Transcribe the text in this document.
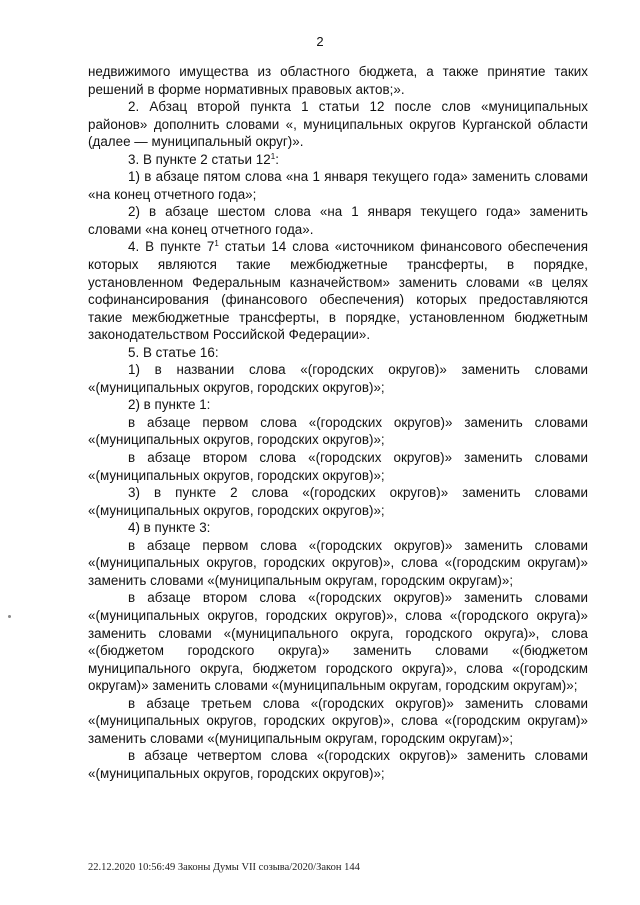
2

недвижимого имущества из областного бюджета, а также принятие таких решений в форме нормативных правовых актов;».

2. Абзац второй пункта 1 статьи 12 после слов «муниципальных районов» дополнить словами «, муниципальных округов Курганской области (далее — муниципальный округ)».

3. В пункте 2 статьи $12^1$:

1) в абзаце пятом слова «на 1 января текущего года» заменить словами «на конец отчетного года»;

2) в абзаце шестом слова «на 1 января текущего года» заменить словами «на конец отчетного года».

4. В пункте $7^1$ статьи 14 слова «источником финансового обеспечения которых являются такие межбюджетные трансферты, в порядке, установленном Федеральным казначейством» заменить словами «в целях софинансирования (финансового обеспечения) которых предоставляются такие межбюджетные трансферты, в порядке, установленном бюджетным законодательством Российской Федерации».

5. В статье 16:

1) в названии слова «(городских округов)» заменить словами «(муниципальных округов, городских округов)»;

2) в пункте 1:

в абзаце первом слова «(городских округов)» заменить словами «(муниципальных округов, городских округов)»;

в абзаце втором слова «(городских округов)» заменить словами «(муниципальных округов, городских округов)»;

3) в пункте 2 слова «(городских округов)» заменить словами «(муниципальных округов, городских округов)»;

4) в пункте 3:

в абзаце первом слова «(городских округов)» заменить словами «(муниципальных округов, городских округов)», слова «(городским округам)» заменить словами «(муниципальным округам, городским округам)»;

в абзаце втором слова «(городских округов)» заменить словами «(муниципальных округов, городских округов)», слова «(городского округа)» заменить словами «(муниципального округа, городского округа)», слова «(бюджетом городского округа)» заменить словами «(бюджетом муниципального округа, бюджетом городского округа)», слова «(городским округам)» заменить словами «(муниципальным округам, городским округам)»;

в абзаце третьем слова «(городских округов)» заменить словами «(муниципальных округов, городских округов)», слова «(городским округам)» заменить словами «(муниципальным округам, городским округам)»;

в абзаце четвертом слова «(городских округов)» заменить словами «(муниципальных округов, городских округов)»;

22.12.2020 10:56:49 Законы Думы VII созыва/2020/Закон 144
